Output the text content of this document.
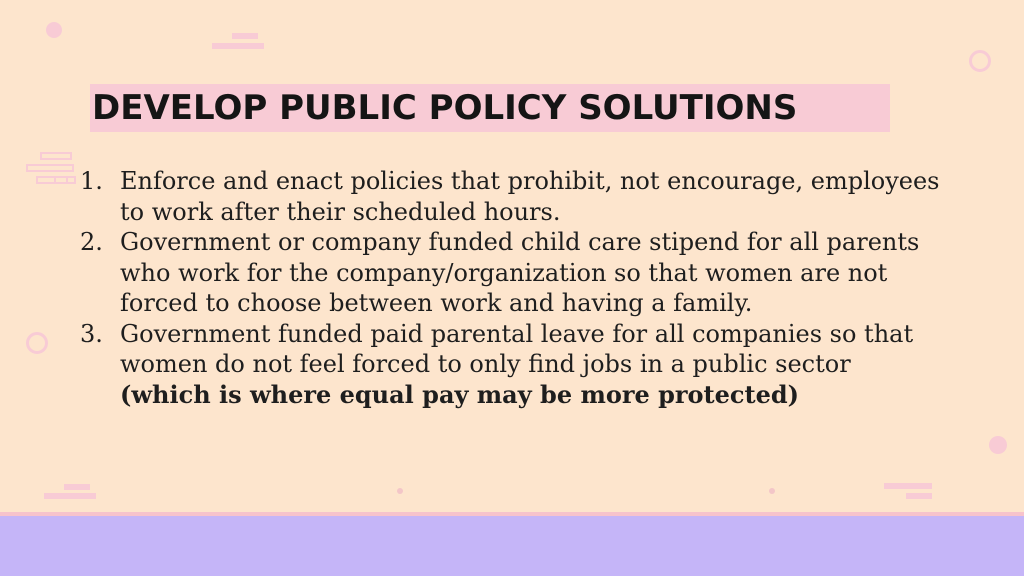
DEVELOP PUBLIC POLICY SOLUTIONS
1. Enforce and enact policies that prohibit, not encourage, employees to work after their scheduled hours.
2. Government or company funded child care stipend for all parents who work for the company/organization so that women are not forced to choose between work and having a family.
3. Government funded paid parental leave for all companies so that women do not feel forced to only find jobs in a public sector (which is where equal pay may be more protected)
